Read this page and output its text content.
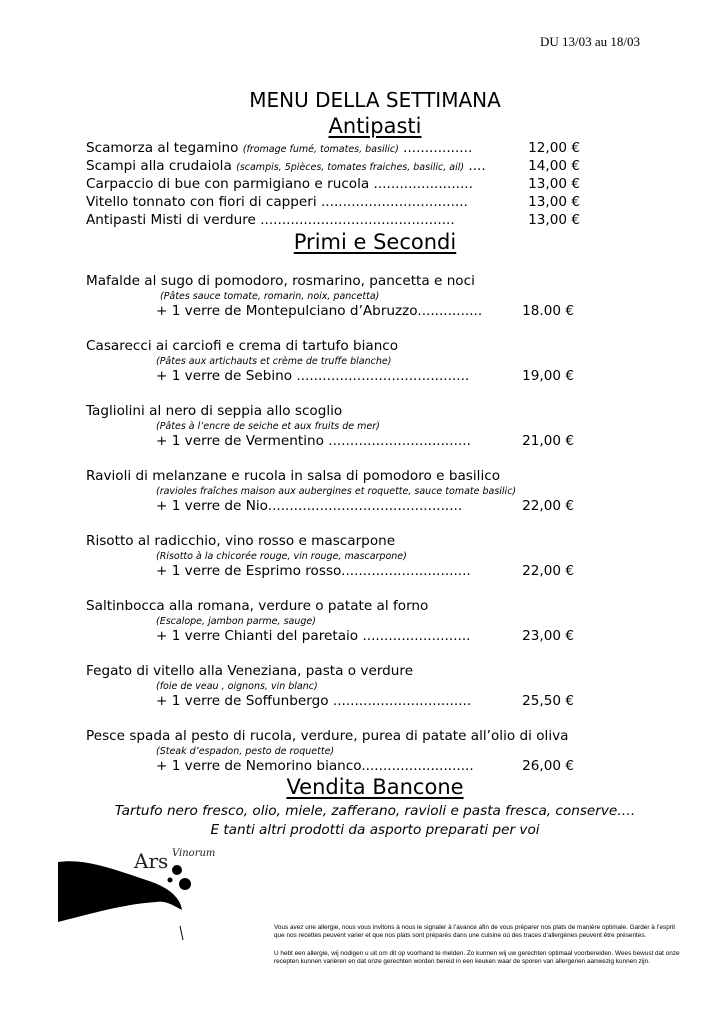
DU 13/03 au 18/03
MENU DELLA SETTIMANA
Antipasti
Scamorza al tegamino (fromage fumé, tomates, basilic) ................	12,00 €
Scampi alla crudaiola (scampis, 5pièces, tomates fraiches, basilic, ail) ....	14,00 €
Carpaccio di bue con parmigiano e rucola .......................	13,00 €
Vitello tonnato con fiori di capperi ..................................	13,00 €
Antipasti Misti di verdure .............................................	13,00 €
Primi e Secondi
Mafalde al sugo di pomodoro, rosmarino, pancetta e noci
(Pâtes sauce tomate, romarin, noix, pancetta)
+ 1 verre de Montepulciano d’Abruzzo...............	18.00 €
Casarecci ai carciofi e crema di tartufo bianco
(Pâtes aux artichauts et crème de truffe blanche)
+ 1 verre de Sebino ........................................	19,00 €
Tagliolini al nero di seppia allo scoglio
(Pâtes à l’encre de seiche et aux fruits de mer)
+ 1 verre de Vermentino .................................	21,00 €
Ravioli di melanzane e rucola in salsa di pomodoro e basilico
(ravioles fraîches maison aux aubergines et roquette, sauce tomate basilic)
+ 1 verre de Nio.............................................	22,00 €
Risotto al radicchio, vino rosso e mascarpone
(Risotto à la chicorée rouge, vin rouge, mascarpone)
+ 1 verre de Esprimo rosso..............................	22,00 €
Saltinbocca alla romana, verdure o patate al forno
(Escalope, jambon parme, sauge)
+ 1 verre Chianti del paretaio .........................	23,00 €
Fegato di vitello alla Veneziana, pasta o verdure
(foie de veau , oignons, vin blanc)
+ 1 verre de Soffunbergo ................................	25,50 €
Pesce spada al pesto di rucola, verdure, purea di patate all’olio di oliva
(Steak d’espadon, pesto de roquette)
+ 1 verre de Nemorino bianco..........................	26,00 €
Vendita Bancone
Tartufo nero fresco, olio, miele, zafferano, ravioli e pasta fresca, conserve….
E tanti altri prodotti da asporto preparati per voi
Ars Vinorum
Vous avez une allergie, nous vous invitons à nous le signaler à l’avance afin de vous préparer nos plats de manière optimale. Garder à l’esprit que nos recettes peuvent varier et que nos plats sont préparés dans une cuisine où des traces d’allergènes peuvent être présentes.
U hebt een allergie, wij nodigen u uit om dit op voorhand te melden. Zo kunnen wij uw gerechten optimaal voorbereiden. Wees bewust dat onze recepten kunnen variëren en dat onze gerechten worden bereid in een keuken waar de sporen van allergenen aanwezig kunnen zijn.
